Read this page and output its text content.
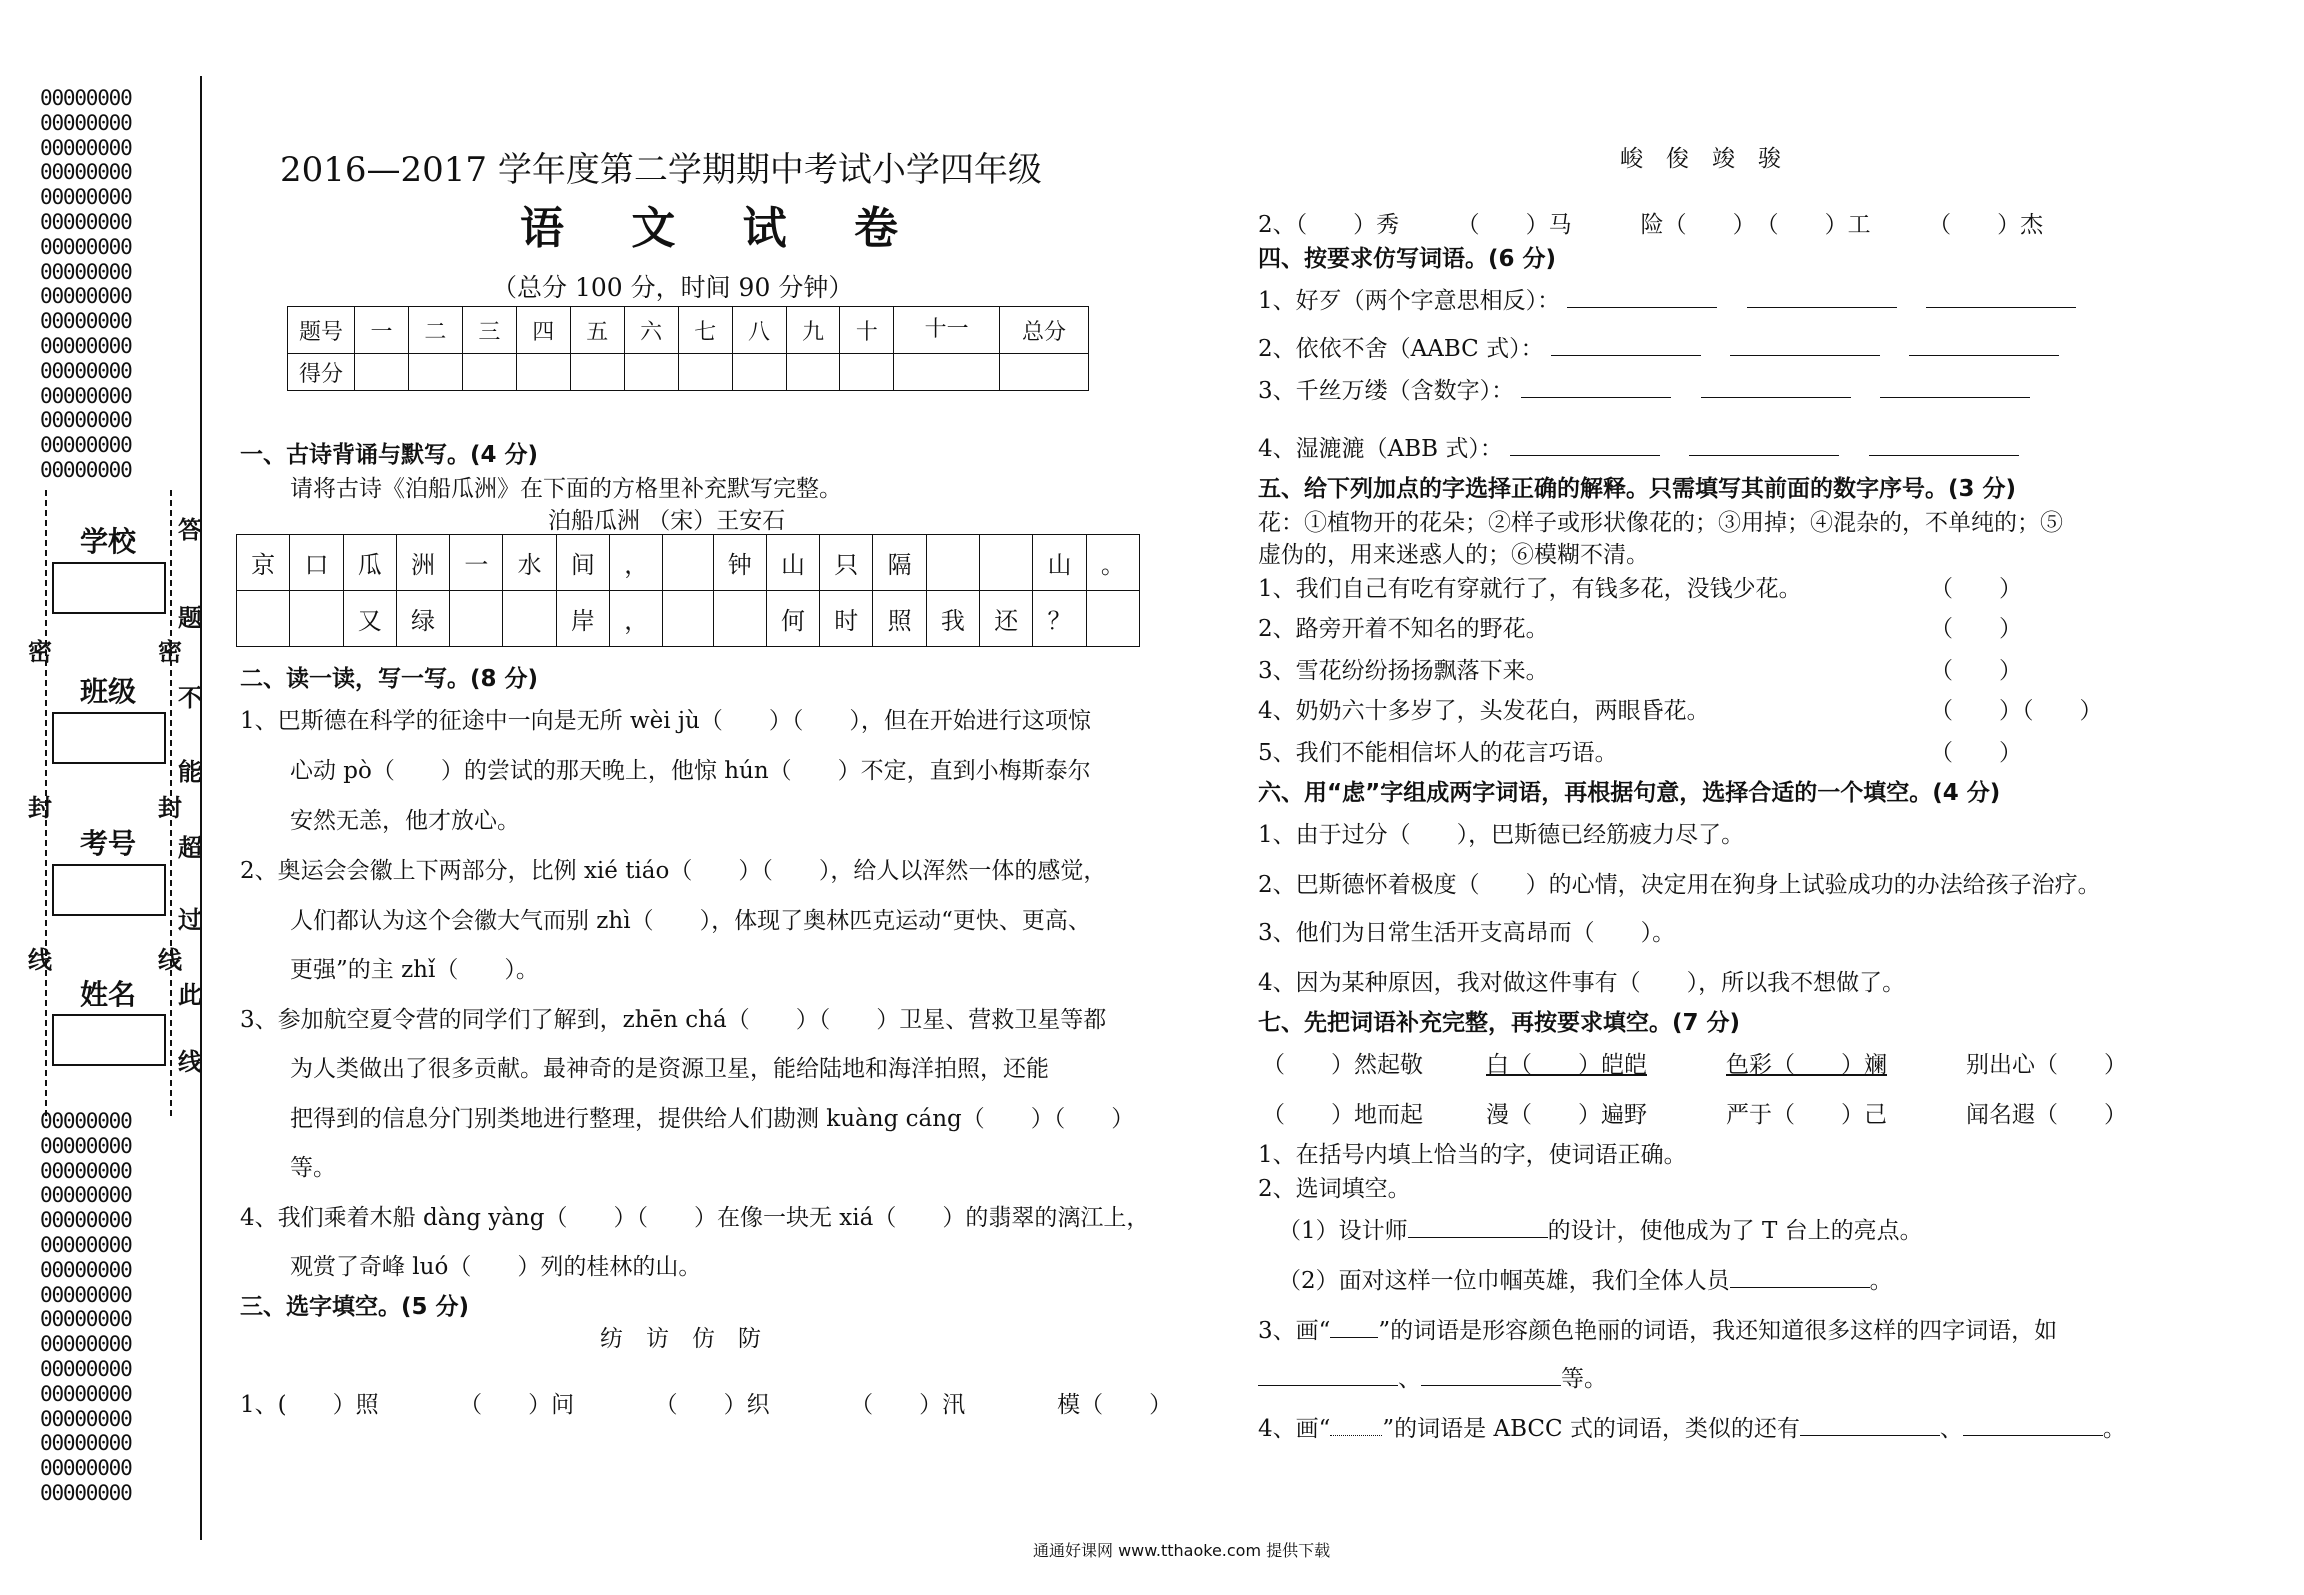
00000000
00000000
00000000
00000000
00000000
00000000
00000000
00000000
00000000
00000000
00000000
00000000
00000000
00000000
00000000
00000000
00000000
00000000
00000000
00000000
00000000
00000000
00000000
00000000
00000000
00000000
00000000
00000000
00000000
00000000
00000000
00000000
学校
班级
考号
姓名
密
封
线
密
封
线
答
题
不
能
超
过
此
线
2016—2017 学年度第二学期期中考试小学四年级
语 文 试 卷
（总分 100 分，时间 90 分钟）
题号	一	二	三	四	五	六	七	八	九	十	十一	总分
得分												
一、古诗背诵与默写。(4 分)
请将古诗《泊船瓜洲》在下面的方格里补充默写完整。
泊船瓜洲 （宋）王安石
京	口	瓜	洲	一	水	间	，		钟	山	只	隔			山	。
		又	绿			岸	，			何	时	照	我	还	？	
二、读一读，写一写。(8 分)
1、巴斯德在科学的征途中一向是无所 wèi jù（　　）（　　），但在开始进行这项惊
心动 pò（　　）的尝试的那天晚上，他惊 hún（　　）不定，直到小梅斯泰尔
安然无恙，他才放心。
2、奥运会会徽上下两部分，比例 xié tiáo（　　）（　　），给人以浑然一体的感觉，
人们都认为这个会徽大气而别 zhì（　　），体现了奥林匹克运动“更快、更高、
更强”的主 zhǐ（　　）。
3、参加航空夏令营的同学们了解到，zhēn chá（　　）（　　）卫星、营救卫星等都
为人类做出了很多贡献。最神奇的是资源卫星，能给陆地和海洋拍照，还能
把得到的信息分门别类地进行整理，提供给人们勘测 kuàng cáng（　　）（　　）
等。
4、我们乘着木船 dàng yàng（　　）（　　）在像一块无 xiá（　　）的翡翠的漓江上，
观赏了奇峰 luó（　　）列的桂林的山。
三、选字填空。(5 分)
纺　访　仿　防
1、(　　）照　　　　（　　）问　　　　（　　）织　　　　（　　）汛　　　　模（　　）
峻　俊　竣　骏
2、（　　）秀　　　（　　）马　　　险（　　）　（　　）工　　　（　　）杰
四、按要求仿写词语。(6 分)
1、好歹（两个字意思相反）：
2、依依不舍（AABC 式）：
3、千丝万缕（含数字）：
4、湿漉漉（ABB 式）：
五、给下列加点的字选择正确的解释。只需填写其前面的数字序号。(3 分)
花：①植物开的花朵；②样子或形状像花的；③用掉；④混杂的，不单纯的；⑤
虚伪的，用来迷惑人的；⑥模糊不清。
1、我们自己有吃有穿就行了，有钱多花，没钱少花。	（　　）
2、路旁开着不知名的野花。	（　　）
3、雪花纷纷扬扬飘落下来。	（　　）
4、奶奶六十多岁了，头发花白，两眼昏花。	（　　）（　　）
5、我们不能相信坏人的花言巧语。	（　　）
六、用“虑”字组成两字词语，再根据句意，选择合适的一个填空。(4 分)
1、由于过分（　　），巴斯德已经筋疲力尽了。
2、巴斯德怀着极度（　　）的心情，决定用在狗身上试验成功的办法给孩子治疗。
3、他们为日常生活开支高昂而（　　）。
4、因为某种原因，我对做这件事有（　　），所以我不想做了。
七、先把词语补充完整，再按要求填空。(7 分)
（　　）然起敬	白（　　）皑皑	色彩（　　）斓	别出心（　　）
（　　）地而起	漫（　　）遍野	严于（　　）己	闻名遐（　　）
1、在括号内填上恰当的字，使词语正确。
2、选词填空。
（1）设计师	的设计，使他成为了 T 台上的亮点。
（2）面对这样一位巾帼英雄，我们全体人员	。
3、画“ ”的词语是形容颜色艳丽的词语，我还知道很多这样的四字词语，如
、	等。
4、画“ ”的词语是 ABCC 式的词语，类似的还有	、	。
通通好课网 www.tthaoke.com 提供下载
